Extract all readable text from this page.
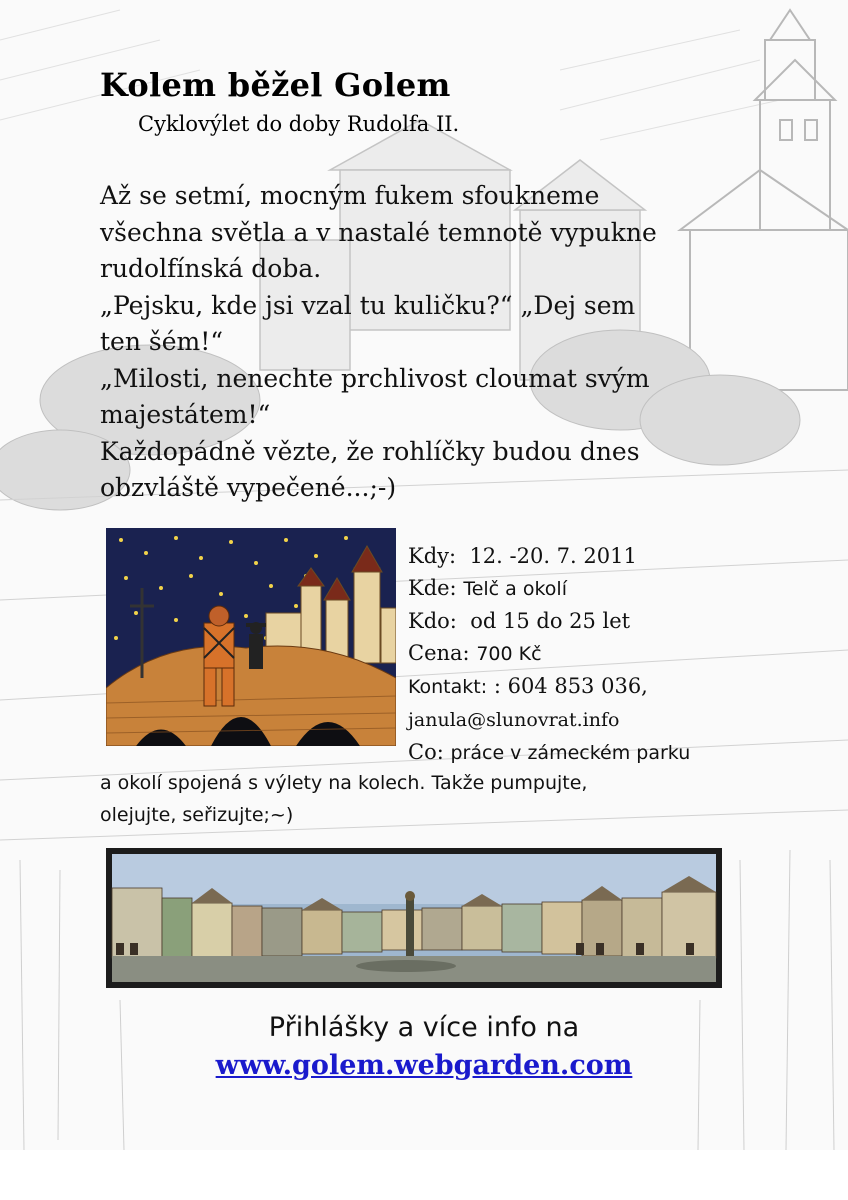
Kolem běžel Golem

Cyklovýlet do doby Rudolfa II.

Až se setmí, mocným fukem sfoukneme
všechna světla a v nastalé temnotě vypukne
rudolfínská doba.
„Pejsku, kde jsi vzal tu kuličku?“ „Dej sem
ten šém!“
„Milosti, nenechte prchlivost cloumat svým
majestátem!“
Každopádně vězte, že rohlíčky budou dnes
obzvláště vypečené...;-)

Kdy: 12. -20. 7. 2011
Kde: Telč a okolí
Kdo: od 15 do 25 let
Cena: 700 Kč
Kontakt: : 604 853 036,
janula@slunovrat.info
Co: práce v zámeckém parku
a okolí spojená s výlety na kolech. Takže pumpujte,
olejujte, seřizujte;~)
Přihlášky a více info na
www.golem.webgarden.com
